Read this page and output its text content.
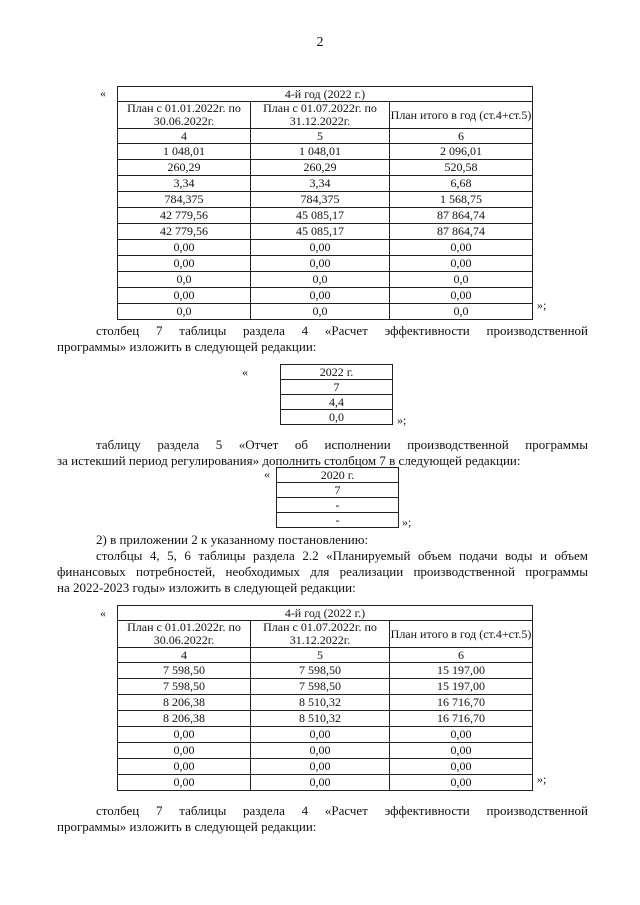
2
«	4-й год (2022 г.)		
План с 01.01.2022г. по 30.06.2022г.	План с 01.07.2022г. по 31.12.2022г.	План итого в год (ст.4+ст.5)
4	5	6
1 048,01	1 048,01	2 096,01
260,29	260,29	520,58
3,34	3,34	6,68
784,375	784,375	1 568,75
42 779,56	45 085,17	87 864,74
42 779,56	45 085,17	87 864,74
0,00	0,00	0,00
0,00	0,00	0,00
0,0	0,0	0,0
0,00	0,00	0,00
0,0	0,0	0,0	»;
столбец 7 таблицы раздела 4 «Расчет эффективности производственной
программы» изложить в следующей редакции:
«	2022 г.
7
4,4
0,0	»;
таблицу раздела 5 «Отчет об исполнении производственной программы
за истекший период регулирования» дополнить столбцом 7 в следующей редакции:
«	2020 г.
7
-
-	»;
2) в приложении 2 к указанному постановлению:
столбцы 4, 5, 6 таблицы раздела 2.2 «Планируемый объем подачи воды и объем
финансовых потребностей, необходимых для реализации производственной программы
на 2022-2023 годы» изложить в следующей редакции:
«	4-й год (2022 г.)		
План с 01.01.2022г. по 30.06.2022г.	План с 01.07.2022г. по 31.12.2022г.	План итого в год (ст.4+ст.5)
4	5	6
7 598,50	7 598,50	15 197,00
7 598,50	7 598,50	15 197,00
8 206,38	8 510,32	16 716,70
8 206,38	8 510,32	16 716,70
0,00	0,00	0,00
0,00	0,00	0,00
0,00	0,00	0,00
0,00	0,00	0,00	»;
столбец 7 таблицы раздела 4 «Расчет эффективности производственной
программы» изложить в следующей редакции:
